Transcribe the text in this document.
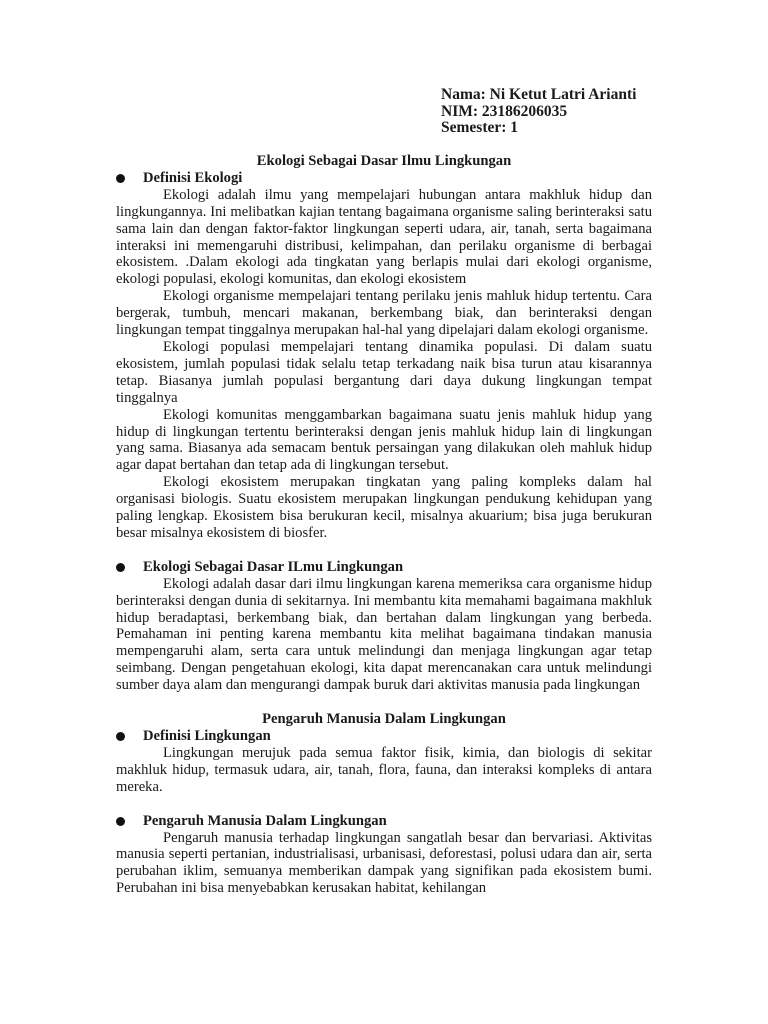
Nama: Ni Ketut Latri Arianti
NIM: 23186206035
Semester: 1

Ekologi Sebagai Dasar Ilmu Lingkungan

Definisi Ekologi

Ekologi adalah ilmu yang mempelajari hubungan antara makhluk hidup dan lingkungannya. Ini melibatkan kajian tentang bagaimana organisme saling berinteraksi satu sama lain dan dengan faktor-faktor lingkungan seperti udara, air, tanah, serta bagaimana interaksi ini memengaruhi distribusi, kelimpahan, dan perilaku organisme di berbagai ekosistem. .Dalam ekologi ada tingkatan yang berlapis mulai dari ekologi organisme, ekologi populasi, ekologi komunitas, dan ekologi ekosistem

Ekologi organisme mempelajari tentang perilaku jenis mahluk hidup tertentu. Cara bergerak, tumbuh, mencari makanan, berkembang biak, dan berinteraksi dengan lingkungan tempat tinggalnya merupakan hal-hal yang dipelajari dalam ekologi organisme.

Ekologi populasi mempelajari tentang dinamika populasi. Di dalam suatu ekosistem, jumlah populasi tidak selalu tetap terkadang naik bisa turun atau kisarannya tetap. Biasanya jumlah populasi bergantung dari daya dukung lingkungan tempat tinggalnya

Ekologi komunitas menggambarkan bagaimana suatu jenis mahluk hidup yang hidup di lingkungan tertentu berinteraksi dengan jenis mahluk hidup lain di lingkungan yang sama. Biasanya ada semacam bentuk persaingan yang dilakukan oleh mahluk hidup agar dapat bertahan dan tetap ada di lingkungan tersebut.

Ekologi ekosistem merupakan tingkatan yang paling kompleks dalam hal organisasi biologis. Suatu ekosistem merupakan lingkungan pendukung kehidupan yang paling lengkap. Ekosistem bisa berukuran kecil, misalnya akuarium; bisa juga berukuran besar misalnya ekosistem di biosfer.

Ekologi Sebagai Dasar ILmu Lingkungan

Ekologi adalah dasar dari ilmu lingkungan karena memeriksa cara organisme hidup berinteraksi dengan dunia di sekitarnya. Ini membantu kita memahami bagaimana makhluk hidup beradaptasi, berkembang biak, dan bertahan dalam lingkungan yang berbeda. Pemahaman ini penting karena membantu kita melihat bagaimana tindakan manusia mempengaruhi alam, serta cara untuk melindungi dan menjaga lingkungan agar tetap seimbang. Dengan pengetahuan ekologi, kita dapat merencanakan cara untuk melindungi sumber daya alam dan mengurangi dampak buruk dari aktivitas manusia pada lingkungan

Pengaruh Manusia Dalam Lingkungan

Definisi Lingkungan

Lingkungan merujuk pada semua faktor fisik, kimia, dan biologis di sekitar makhluk hidup, termasuk udara, air, tanah, flora, fauna, dan interaksi kompleks di antara mereka.

Pengaruh Manusia Dalam Lingkungan

Pengaruh manusia terhadap lingkungan sangatlah besar dan bervariasi. Aktivitas manusia seperti pertanian, industrialisasi, urbanisasi, deforestasi, polusi udara dan air, serta perubahan iklim, semuanya memberikan dampak yang signifikan pada ekosistem bumi. Perubahan ini bisa menyebabkan kerusakan habitat, kehilangan
